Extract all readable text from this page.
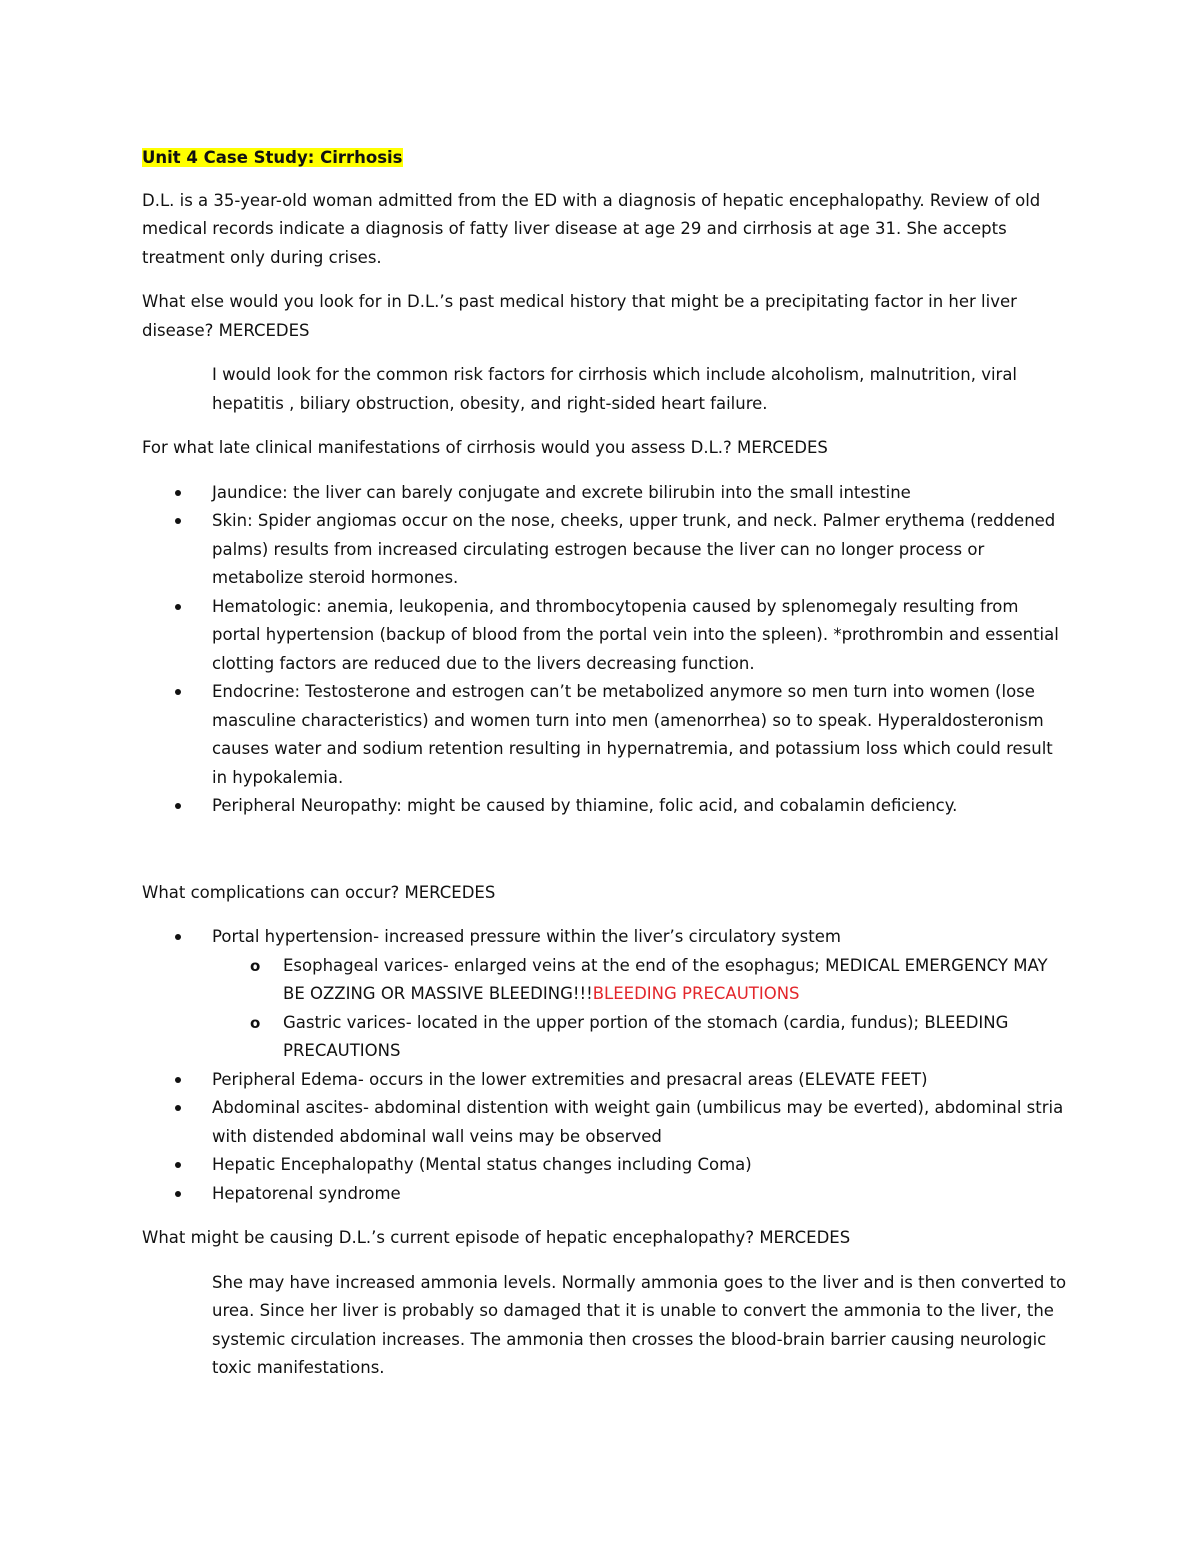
Unit 4 Case Study: Cirrhosis

D.L. is a 35-year-old woman admitted from the ED with a diagnosis of hepatic encephalopathy. Review of old medical records indicate a diagnosis of fatty liver disease at age 29 and cirrhosis at age 31. She accepts treatment only during crises.

What else would you look for in D.L.’s past medical history that might be a precipitating factor in her liver disease? MERCEDES

I would look for the common risk factors for cirrhosis which include alcoholism, malnutrition, viral hepatitis , biliary obstruction, obesity, and right-sided heart failure.

For what late clinical manifestations of cirrhosis would you assess D.L.? MERCEDES

Jaundice: the liver can barely conjugate and excrete bilirubin into the small intestine
Skin: Spider angiomas occur on the nose, cheeks, upper trunk, and neck. Palmer erythema (reddened palms) results from increased circulating estrogen because the liver can no longer process or metabolize steroid hormones.
Hematologic: anemia, leukopenia, and thrombocytopenia caused by splenomegaly resulting from portal hypertension (backup of blood from the portal vein into the spleen). *prothrombin and essential clotting factors are reduced due to the livers decreasing function.
Endocrine: Testosterone and estrogen can’t be metabolized anymore so men turn into women (lose masculine characteristics) and women turn into men (amenorrhea) so to speak. Hyperaldosteronism causes water and sodium retention resulting in hypernatremia, and potassium loss which could result in hypokalemia.
Peripheral Neuropathy: might be caused by thiamine, folic acid, and cobalamin deficiency.

What complications can occur? MERCEDES

Portal hypertension- increased pressure within the liver’s circulatory system
o Esophageal varices- enlarged veins at the end of the esophagus; MEDICAL EMERGENCY MAY BE OZZING OR MASSIVE BLEEDING!!!BLEEDING PRECAUTIONS
o Gastric varices- located in the upper portion of the stomach (cardia, fundus); BLEEDING PRECAUTIONS
Peripheral Edema- occurs in the lower extremities and presacral areas (ELEVATE FEET)
Abdominal ascites- abdominal distention with weight gain (umbilicus may be everted), abdominal stria with distended abdominal wall veins may be observed
Hepatic Encephalopathy (Mental status changes including Coma)
Hepatorenal syndrome

What might be causing D.L.’s current episode of hepatic encephalopathy? MERCEDES

She may have increased ammonia levels. Normally ammonia goes to the liver and is then converted to urea. Since her liver is probably so damaged that it is unable to convert the ammonia to the liver, the systemic circulation increases. The ammonia then crosses the blood-brain barrier causing neurologic toxic manifestations.
